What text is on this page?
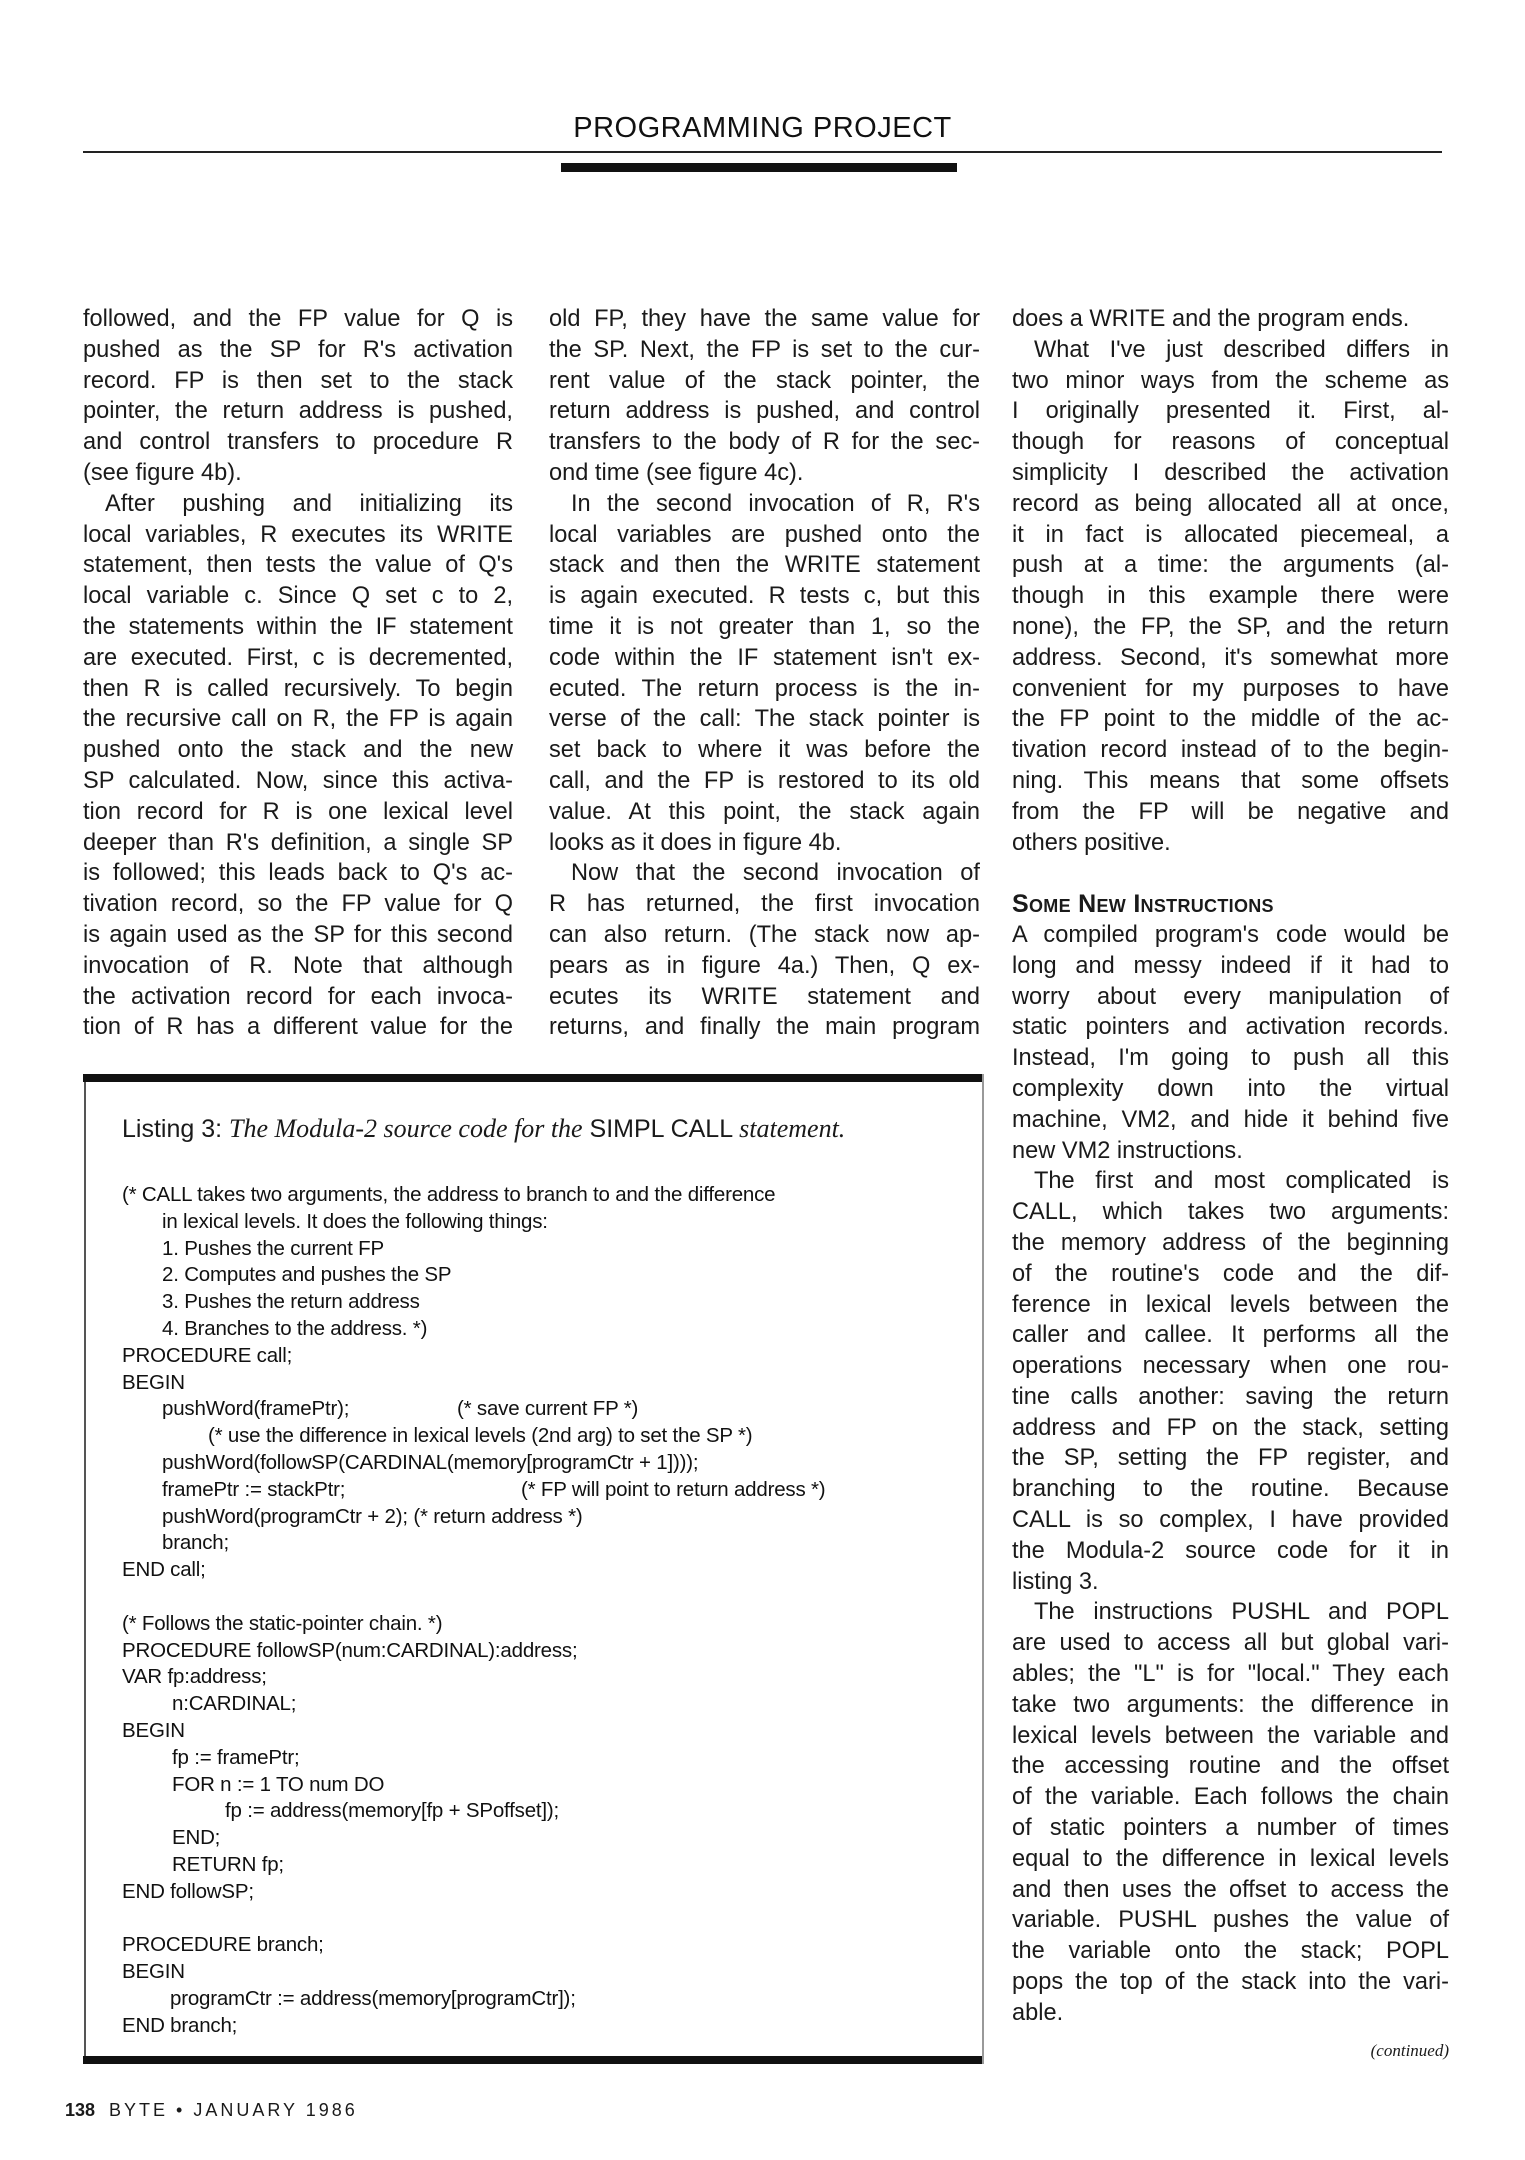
PROGRAMMING PROJECT
followed, and the FP value for Q is
pushed as the SP for R's activation
record. FP is then set to the stack
pointer, the return address is pushed,
and control transfers to procedure R
(see figure 4b).
After pushing and initializing its
local variables, R executes its WRITE
statement, then tests the value of Q's
local variable c. Since Q set c to 2,
the statements within the IF statement
are executed. First, c is decremented,
then R is called recursively. To begin
the recursive call on R, the FP is again
pushed onto the stack and the new
SP calculated. Now, since this activa-
tion record for R is one lexical level
deeper than R's definition, a single SP
is followed; this leads back to Q's ac-
tivation record, so the FP value for Q
is again used as the SP for this second
invocation of R. Note that although
the activation record for each invoca-
tion of R has a different value for the
old FP, they have the same value for
the SP. Next, the FP is set to the cur-
rent value of the stack pointer, the
return address is pushed, and control
transfers to the body of R for the sec-
ond time (see figure 4c).
In the second invocation of R, R's
local variables are pushed onto the
stack and then the WRITE statement
is again executed. R tests c, but this
time it is not greater than 1, so the
code within the IF statement isn't ex-
ecuted. The return process is the in-
verse of the call: The stack pointer is
set back to where it was before the
call, and the FP is restored to its old
value. At this point, the stack again
looks as it does in figure 4b.
Now that the second invocation of
R has returned, the first invocation
can also return. (The stack now ap-
pears as in figure 4a.) Then, Q ex-
ecutes its WRITE statement and
returns, and finally the main program
does a WRITE and the program ends.
What I've just described differs in
two minor ways from the scheme as
I originally presented it. First, al-
though for reasons of conceptual
simplicity I described the activation
record as being allocated all at once,
it in fact is allocated piecemeal, a
push at a time: the arguments (al-
though in this example there were
none), the FP, the SP, and the return
address. Second, it's somewhat more
convenient for my purposes to have
the FP point to the middle of the ac-
tivation record instead of to the begin-
ning. This means that some offsets
from the FP will be negative and
others positive.
Some New Instructions
A compiled program's code would be
long and messy indeed if it had to
worry about every manipulation of
static pointers and activation records.
Instead, I'm going to push all this
complexity down into the virtual
machine, VM2, and hide it behind five
new VM2 instructions.
The first and most complicated is
CALL, which takes two arguments:
the memory address of the beginning
of the routine's code and the dif-
ference in lexical levels between the
caller and callee. It performs all the
operations necessary when one rou-
tine calls another: saving the return
address and FP on the stack, setting
the SP, setting the FP register, and
branching to the routine. Because
CALL is so complex, I have provided
the Modula-2 source code for it in
listing 3.
The instructions PUSHL and POPL
are used to access all but global vari-
ables; the "L" is for "local." They each
take two arguments: the difference in
lexical levels between the variable and
the accessing routine and the offset
of the variable. Each follows the chain
of static pointers a number of times
equal to the difference in lexical levels
and then uses the offset to access the
variable. PUSHL pushes the value of
the variable onto the stack; POPL
pops the top of the stack into the vari-
able.
(continued)
Listing 3: The Modula-2 source code for the SIMPL CALL statement.
(* CALL takes two arguments, the address to branch to and the difference
in lexical levels. It does the following things:
1. Pushes the current FP
2. Computes and pushes the SP
3. Pushes the return address
4. Branches to the address. *)
PROCEDURE call;
BEGIN
pushWord(framePtr);	(* save current FP *)
(* use the difference in lexical levels (2nd arg) to set the SP *)
pushWord(followSP(CARDINAL(memory[programCtr + 1])));
framePtr := stackPtr;	(* FP will point to return address *)
pushWord(programCtr + 2); (* return address *)
branch;
END call;
(* Follows the static-pointer chain. *)
PROCEDURE followSP(num:CARDINAL):address;
VAR fp:address;
n:CARDINAL;
BEGIN
fp := framePtr;
FOR n := 1 TO num DO
fp := address(memory[fp + SPoffset]);
END;
RETURN fp;
END followSP;
PROCEDURE branch;
BEGIN
programCtr := address(memory[programCtr]);
END branch;
138 BYTE • JANUARY 1986
